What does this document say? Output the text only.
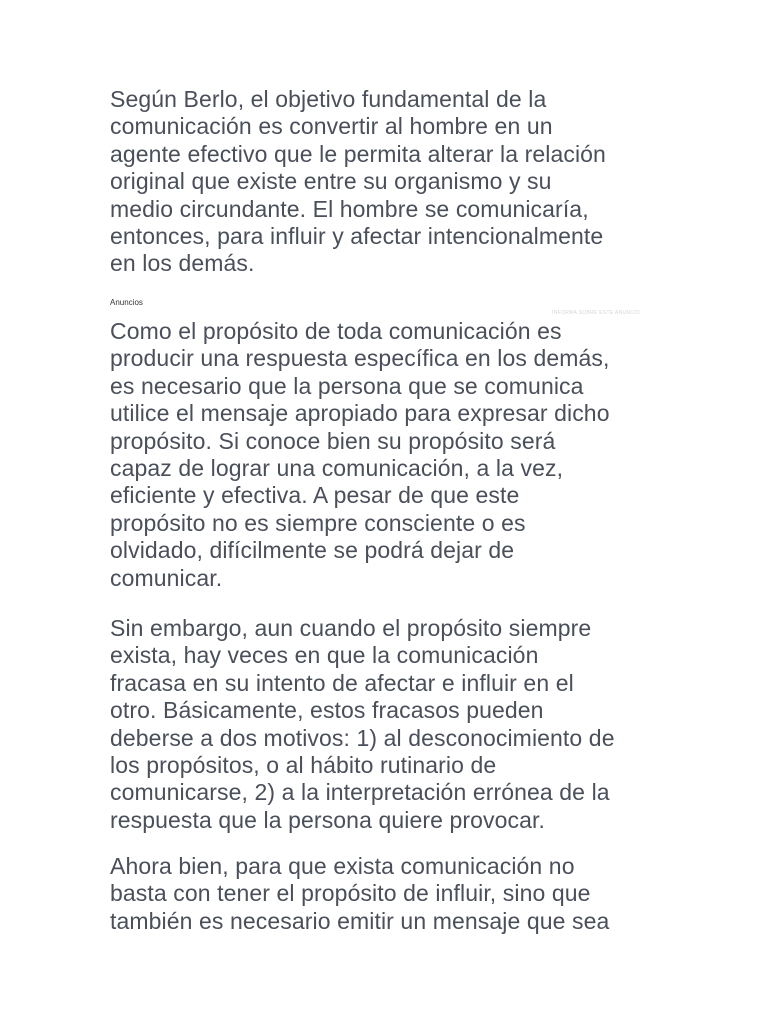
Según Berlo, el objetivo fundamental de la
comunicación es convertir al hombre en un
agente efectivo que le permita alterar la relación
original que existe entre su organismo y su
medio circundante. El hombre se comunicaría,
entonces, para influir y afectar intencionalmente
en los demás.

Anuncios
INFORMA SOBRE ESTE ANUNCIO

Como el propósito de toda comunicación es
producir una respuesta específica en los demás,
es necesario que la persona que se comunica
utilice el mensaje apropiado para expresar dicho
propósito. Si conoce bien su propósito será
capaz de lograr una comunicación, a la vez,
eficiente y efectiva. A pesar de que este
propósito no es siempre consciente o es
olvidado, difícilmente se podrá dejar de
comunicar.

Sin embargo, aun cuando el propósito siempre
exista, hay veces en que la comunicación
fracasa en su intento de afectar e influir en el
otro. Básicamente, estos fracasos pueden
deberse a dos motivos: 1) al desconocimiento de
los propósitos, o al hábito rutinario de
comunicarse, 2) a la interpretación errónea de la
respuesta que la persona quiere provocar.

Ahora bien, para que exista comunicación no
basta con tener el propósito de influir, sino que
también es necesario emitir un mensaje que sea
